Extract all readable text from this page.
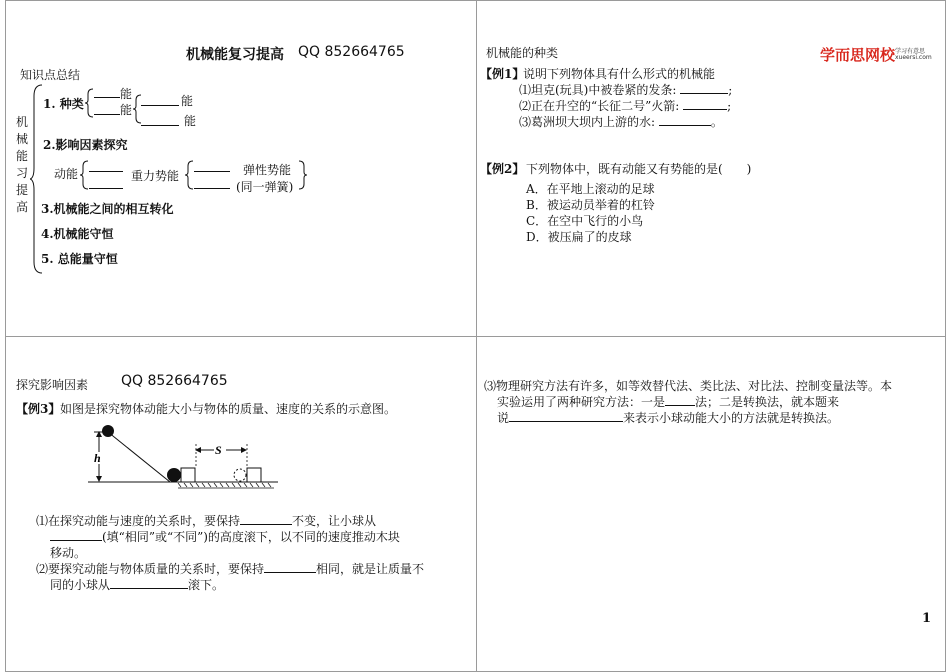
机械能复习提高 QQ 852664765
知识点总结
机械能习提高
1. 种类
能
能
能
能
2.影响因素探究
动能	重力势能	弹性势能
(同一弹簧)
3.机械能之间的相互转化
4.机械能守恒
5. 总能量守恒
机械能的种类	学而思网校 学习有意思
xueersi.com
【例1】
说明下列物体具有什么形式的机械能
⑴坦克(玩具)中被卷紧的发条:	;
⑵正在升空的“长征二号”火箭:	;
⑶葛洲坝大坝内上游的水:	。
【例2】 下列物体中，既有动能又有势能的是(　　)
A．在平地上滚动的足球
B．被运动员举着的杠铃
C．在空中飞行的小鸟
D．被压扁了的皮球
探究影响因素 QQ 852664765
【例3】 如图是探究物体动能大小与物体的质量、速度的关系的示意图。
S
h
⑴在探究动能与速度的关系时，要保持	不变，让小球从
(填“相同”或“不同”)的高度滚下，以不同的速度推动木块
移动。
⑵要探究动能与物体质量的关系时，要保持	相同，就是让质量不
同的小球从	滚下。
⑶物理研究方法有许多，如等效替代法、类比法、对比法、控制变量法等。本
实验运用了两种研究方法：一是	法；二是转换法，就本题来
说	来表示小球动能大小的方法就是转换法。
1
